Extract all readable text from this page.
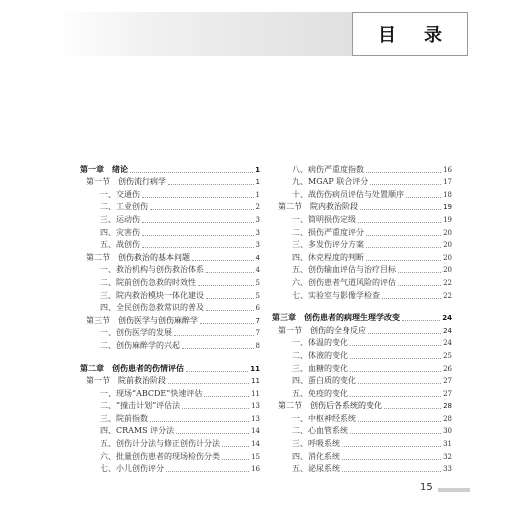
目 录
第一章　绪论	1
第一节　创伤流行病学	1
一、交通伤	1
二、工业创伤	2
三、运动伤	3
四、灾害伤	3
五、战创伤	3
第二节　创伤救治的基本问题	4
一、救治机构与创伤救治体系	4
二、院前创伤急救的时效性	5
三、院内救治模块一体化建设	5
四、全民创伤急救常识的普及	6
第三节　创伤医学与创伤麻醉学	7
一、创伤医学的发展	7
二、创伤麻醉学的兴起	8
第二章　创伤患者的伤情评估	11
第一节　院前救治阶段	11
一、现场“ABCDE”快速评估	11
二、“撞击计划”评估法	13
三、院前指数	13
四、CRAMS 评分法	14
五、创伤计分法与修正创伤计分法	14
六、批量创伤患者的现场检伤分类	15
七、小儿创伤评分	16
八、病伤严重度指数	16
九、MGAP 联合评分	17
十、战伤伤病员评估与处置顺序	18
第二节　院内救治阶段	19
一、简明损伤定级	19
二、损伤严重度评分	20
三、多发伤评分方案	20
四、休克程度的判断	20
五、创伤输血评估与治疗目标	20
六、创伤患者气道风险的评估	22
七、实验室与影像学检查	22
第三章　创伤患者的病理生理学改变	24
第一节　创伤的全身反应	24
一、体温的变化	24
二、体液的变化	25
三、血糖的变化	26
四、蛋白质的变化	27
五、免疫的变化	27
第二节　创伤后各系统的变化	28
一、中枢神经系统	28
二、心血管系统	30
三、呼吸系统	31
四、消化系统	32
五、泌尿系统	33
15
